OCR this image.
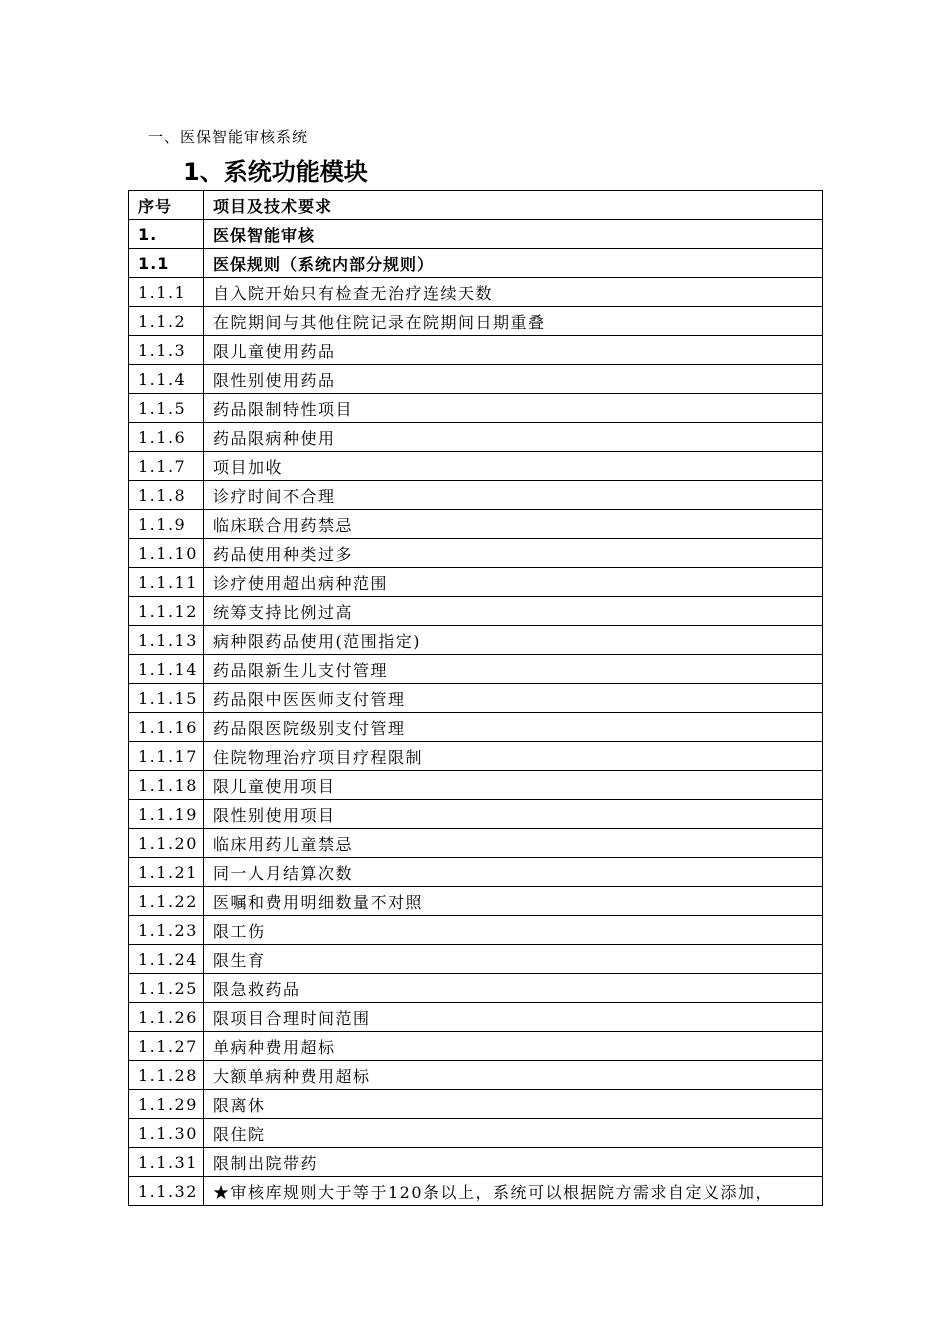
一、医保智能审核系统
1、系统功能模块
序号	项目及技术要求
1.	医保智能审核
1.1	医保规则（系统内部分规则）
1.1.1	自入院开始只有检查无治疗连续天数
1.1.2	在院期间与其他住院记录在院期间日期重叠
1.1.3	限儿童使用药品
1.1.4	限性别使用药品
1.1.5	药品限制特性项目
1.1.6	药品限病种使用
1.1.7	项目加收
1.1.8	诊疗时间不合理
1.1.9	临床联合用药禁忌
1.1.10	药品使用种类过多
1.1.11	诊疗使用超出病种范围
1.1.12	统筹支持比例过高
1.1.13	病种限药品使用(范围指定)
1.1.14	药品限新生儿支付管理
1.1.15	药品限中医医师支付管理
1.1.16	药品限医院级别支付管理
1.1.17	住院物理治疗项目疗程限制
1.1.18	限儿童使用项目
1.1.19	限性别使用项目
1.1.20	临床用药儿童禁忌
1.1.21	同一人月结算次数
1.1.22	医嘱和费用明细数量不对照
1.1.23	限工伤
1.1.24	限生育
1.1.25	限急救药品
1.1.26	限项目合理时间范围
1.1.27	单病种费用超标
1.1.28	大额单病种费用超标
1.1.29	限离休
1.1.30	限住院
1.1.31	限制出院带药
1.1.32	★审核库规则大于等于120条以上，系统可以根据院方需求自定义添加，
